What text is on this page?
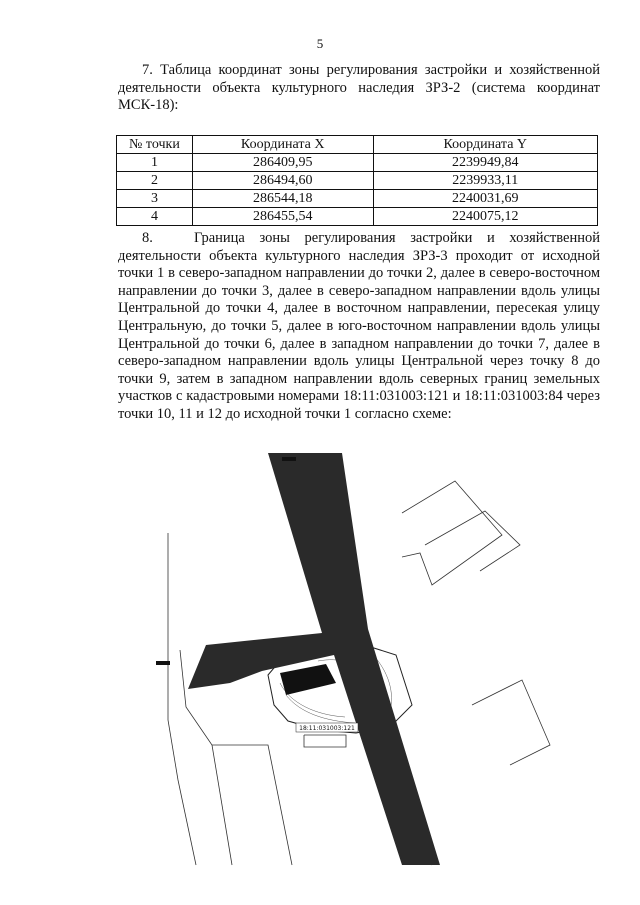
5

7. Таблица координат зоны регулирования застройки и хозяйственной деятельности объекта культурного наследия ЗРЗ-2 (система координат МСК-18):

№ точки	Координата X	Координата Y
1	286409,95	2239949,84
2	286494,60	2239933,11
3	286544,18	2240031,69
4	286455,54	2240075,12

8.	Граница зоны регулирования застройки и хозяйственной деятельности объекта культурного наследия ЗРЗ-3 проходит от исходной точки 1 в северо-западном направлении до точки 2, далее в северо-восточном направлении до точки 3, далее в северо-западном направлении вдоль улицы Центральной до точки 4, далее в восточном направлении, пересекая улицу Центральную, до точки 5, далее в юго-восточном направлении вдоль улицы Центральной до точки 6, далее в западном направлении до точки 7, далее в северо-западном направлении вдоль улицы Центральной через точку 8 до точки 9, затем в западном направлении вдоль северных границ земельных участков с кадастровыми номерами 18:11:031003:121 и 18:11:031003:84 через точки 10, 11 и 12 до исходной точки 1 согласно схеме:

18:11:031003:121
